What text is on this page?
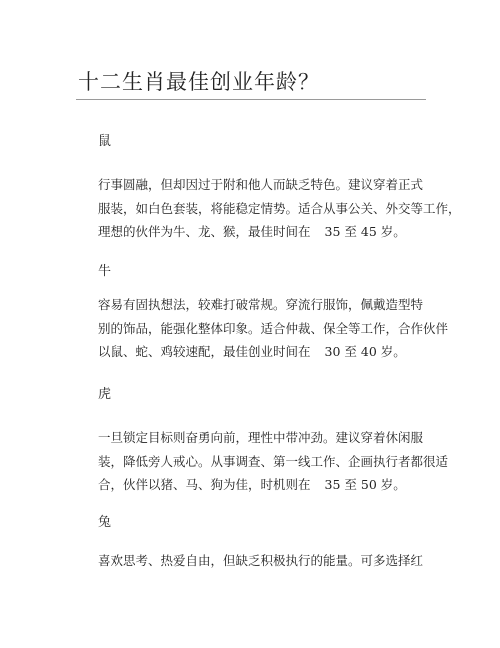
十二生肖最佳创业年龄？
鼠
行事圆融，但却因过于附和他人而缺乏特色。建议穿着正式
服装，如白色套装，将能稳定情势。适合从事公关、外交等工作，
理想的伙伴为牛、龙、猴，最佳时间在 35 至 45 岁。
牛
容易有固执想法，较难打破常规。穿流行服饰，佩戴造型特
别的饰品，能强化整体印象。适合仲裁、保全等工作，合作伙伴
以鼠、蛇、鸡较速配，最佳创业时间在 30 至 40 岁。
虎
一旦锁定目标则奋勇向前，理性中带冲劲。建议穿着休闲服
装，降低旁人戒心。从事调查、第一线工作、企画执行者都很适
合，伙伴以猪、马、狗为佳，时机则在 35 至 50 岁。
兔
喜欢思考、热爱自由，但缺乏积极执行的能量。可多选择红
